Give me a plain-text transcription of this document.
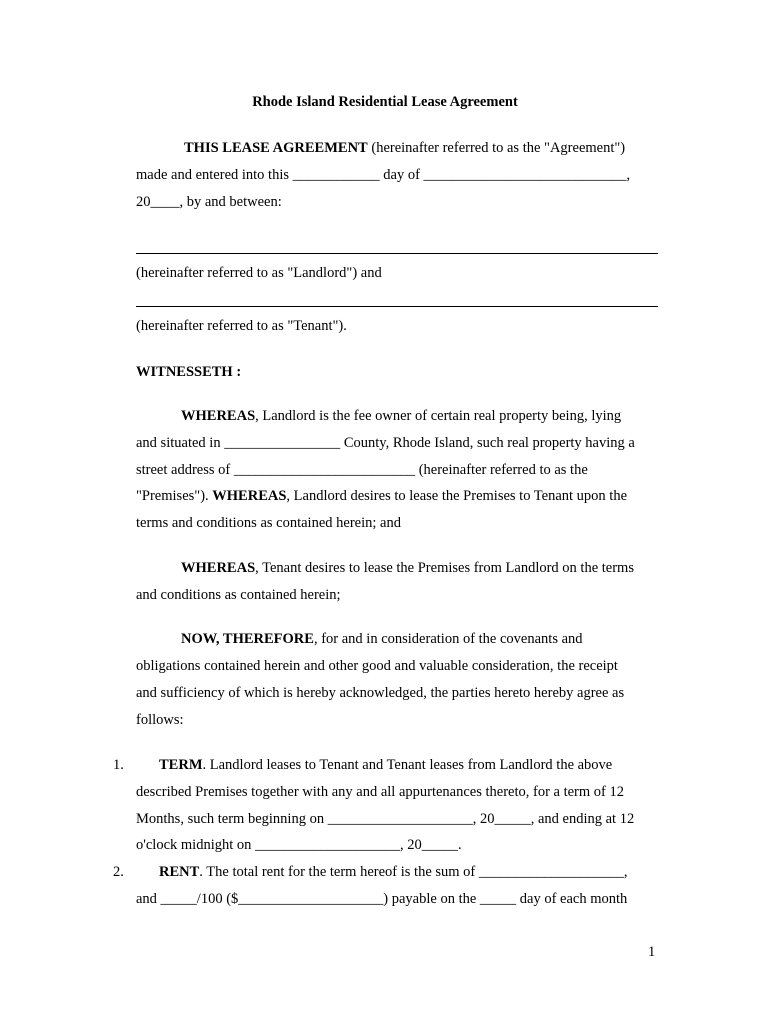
Rhode Island Residential Lease Agreement
THIS LEASE AGREEMENT (hereinafter referred to as the "Agreement")
made and entered into this ____________ day of ____________________________,
20____, by and between:
(hereinafter referred to as "Landlord") and
(hereinafter referred to as "Tenant").
WITNESSETH :
WHEREAS, Landlord is the fee owner of certain real property being, lying
and situated in ________________ County, Rhode Island, such real property having a
street address of _________________________ (hereinafter referred to as the
"Premises"). WHEREAS, Landlord desires to lease the Premises to Tenant upon the
terms and conditions as contained herein; and
WHEREAS, Tenant desires to lease the Premises from Landlord on the terms
and conditions as contained herein;
NOW, THEREFORE, for and in consideration of the covenants and
obligations contained herein and other good and valuable consideration, the receipt
and sufficiency of which is hereby acknowledged, the parties hereto hereby agree as
follows:
1. TERM. Landlord leases to Tenant and Tenant leases from Landlord the above
described Premises together with any and all appurtenances thereto, for a term of 12
Months, such term beginning on ____________________, 20_____, and ending at 12
o'clock midnight on ____________________, 20_____.
2. RENT. The total rent for the term hereof is the sum of ____________________,
and _____/100 ($____________________) payable on the _____ day of each month
1
